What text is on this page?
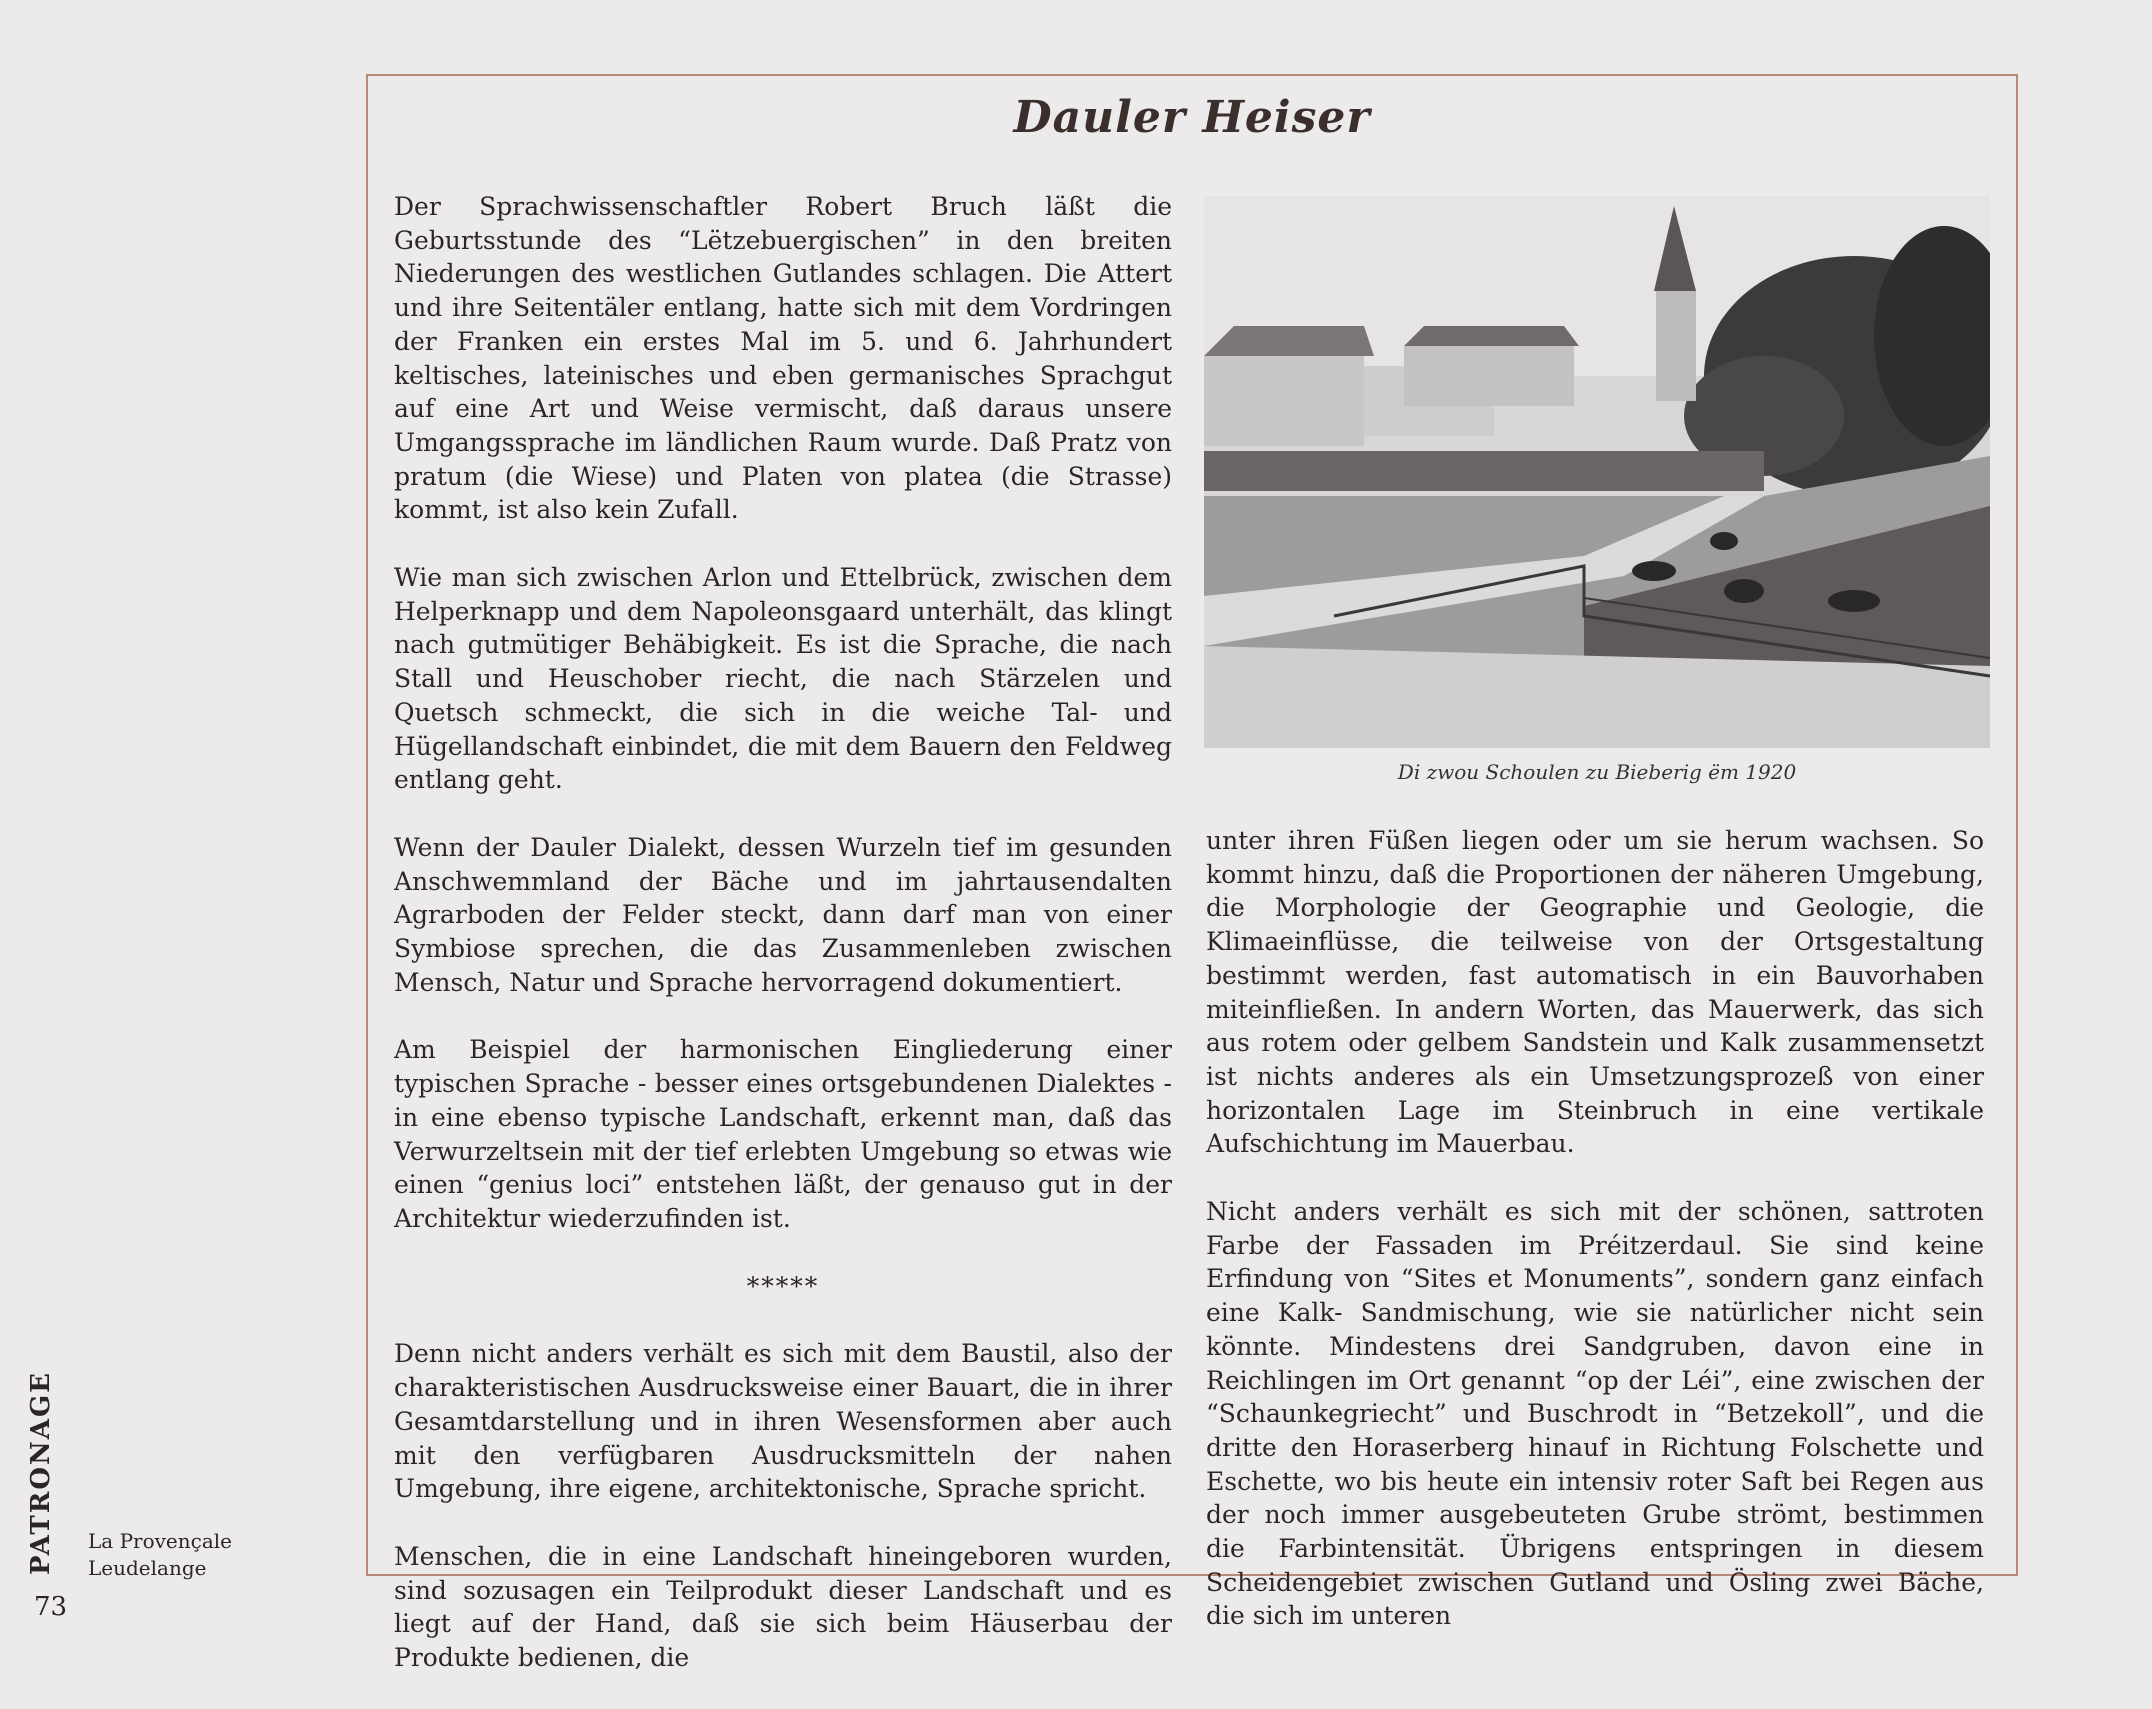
Dauler Heiser

Der Sprachwissenschaftler Robert Bruch läßt die Geburtsstunde des “Lëtzebuergischen” in den breiten Niederungen des westlichen Gutlandes schlagen. Die Attert und ihre Seitentäler entlang, hatte sich mit dem Vordringen der Franken ein erstes Mal im 5. und 6. Jahrhundert keltisches, lateinisches und eben germanisches Sprachgut auf eine Art und Weise vermischt, daß daraus unsere Umgangssprache im ländlichen Raum wurde. Daß Pratz von pratum (die Wiese) und Platen von platea (die Strasse) kommt, ist also kein Zufall.

Wie man sich zwischen Arlon und Ettelbrück, zwischen dem Helperknapp und dem Napoleonsgaard unterhält, das klingt nach gutmütiger Behäbigkeit. Es ist die Sprache, die nach Stall und Heuschober riecht, die nach Stärzelen und Quetsch schmeckt, die sich in die weiche Tal- und Hügellandschaft einbindet, die mit dem Bauern den Feldweg entlang geht.

Wenn der Dauler Dialekt, dessen Wurzeln tief im gesunden Anschwemmland der Bäche und im jahrtausendalten Agrarboden der Felder steckt, dann darf man von einer Symbiose sprechen, die das Zusammenleben zwischen Mensch, Natur und Sprache hervorragend dokumentiert.

Am Beispiel der harmonischen Eingliederung einer typischen Sprache - besser eines ortsgebundenen Dialektes - in eine ebenso typische Landschaft, erkennt man, daß das Verwurzeltsein mit der tief erlebten Umgebung so etwas wie einen “genius loci” entstehen läßt, der genauso gut in der Architektur wiederzufinden ist.

*****

Denn nicht anders verhält es sich mit dem Baustil, also der charakteristischen Ausdrucksweise einer Bauart, die in ihrer Gesamtdarstellung und in ihren Wesensformen aber auch mit den verfügbaren Ausdrucksmitteln der nahen Umgebung, ihre eigene, architektonische, Sprache spricht.

Menschen, die in eine Landschaft hineingeboren wurden, sind sozusagen ein Teilprodukt dieser Landschaft und es liegt auf der Hand, daß sie sich beim Häuserbau der Produkte bedienen, die

Di zwou Schoulen zu Bieberig ëm 1920

unter ihren Füßen liegen oder um sie herum wachsen. So kommt hinzu, daß die Proportionen der näheren Umgebung, die Morphologie der Geographie und Geologie, die Klimaeinflüsse, die teilweise von der Ortsgestaltung bestimmt werden, fast automatisch in ein Bauvorhaben miteinfließen. In andern Worten, das Mauerwerk, das sich aus rotem oder gelbem Sandstein und Kalk zusammensetzt ist nichts anderes als ein Umsetzungsprozeß von einer horizontalen Lage im Steinbruch in eine vertikale Aufschichtung im Mauerbau.

Nicht anders verhält es sich mit der schönen, sattroten Farbe der Fassaden im Préitzerdaul. Sie sind keine Erfindung von “Sites et Monuments”, sondern ganz einfach eine Kalk- Sandmischung, wie sie natürlicher nicht sein könnte. Mindestens drei Sandgruben, davon eine in Reichlingen im Ort genannt “op der Léi”, eine zwischen der “Schaunkegriecht” und Buschrodt in “Betzekoll”, und die dritte den Horaserberg hinauf in Richtung Folschette und Eschette, wo bis heute ein intensiv roter Saft bei Regen aus der noch immer ausgebeuteten Grube strömt, bestimmen die Farbintensität. Übrigens entspringen in diesem Scheidengebiet zwischen Gutland und Ösling zwei Bäche, die sich im unteren

PATRONAGE La Provençale
Leudelange
73
